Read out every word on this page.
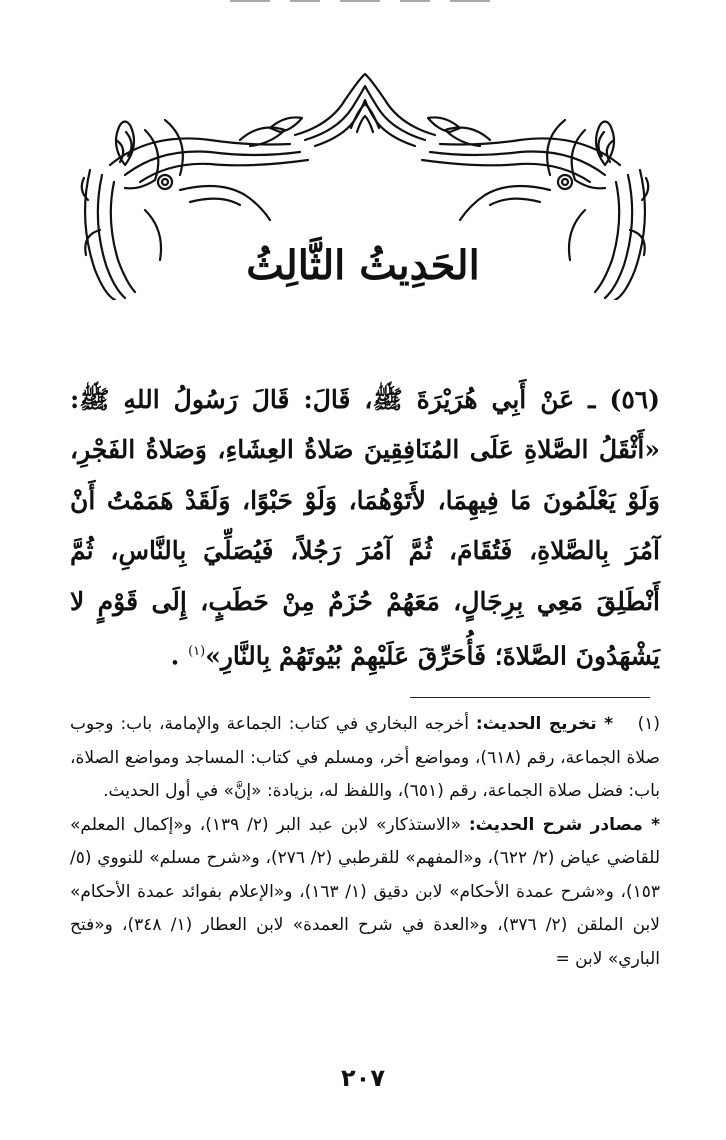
الحَدِيثُ الثَّالِثُ
(٥٦) ـ عَنْ أَبِي هُرَيْرَةَ ﷺ، قَالَ: قَالَ رَسُولُ اللهِ ﷺ: «أَثْقَلُ الصَّلاةِ عَلَى المُنَافِقِينَ صَلاةُ العِشَاءِ، وَصَلاةُ الفَجْرِ، وَلَوْ يَعْلَمُونَ مَا فِيهِمَا، لأَتَوْهُمَا، وَلَوْ حَبْوًا، وَلَقَدْ هَمَمْتُ أَنْ آمُرَ بِالصَّلاةِ، فَتُقَامَ، ثُمَّ آمُرَ رَجُلاً، فَيُصَلِّيَ بِالنَّاسِ، ثُمَّ أَنْطَلِقَ مَعِي بِرِجَالٍ، مَعَهُمْ حُزَمٌ مِنْ حَطَبٍ، إِلَى قَوْمٍ لا يَشْهَدُونَ الصَّلاةَ؛ فَأُحَرِّقَ عَلَيْهِمْ بُيُوتَهُمْ بِالنَّارِ»$^{(١)}$ .

(١) * تخريج الحديث: أخرجه البخاري في كتاب: الجماعة والإمامة، باب: وجوب صلاة الجماعة، رقم (٦١٨)، ومواضع أخر، ومسلم في كتاب: المساجد ومواضع الصلاة، باب: فضل صلاة الجماعة، رقم (٦٥١)، واللفظ له، بزيادة: «إنَّ» في أول الحديث.

* مصادر شرح الحديث: «الاستذكار» لابن عبد البر (٢/ ١٣٩)، و«إكمال المعلم» للقاضي عياض (٢/ ٦٢٢)، و«المفهم» للقرطبي (٢/ ٢٧٦)، و«شرح مسلم» للنووي (٥/ ١٥٣)، و«شرح عمدة الأحكام» لابن دقيق (١/ ١٦٣)، و«الإعلام بفوائد عمدة الأحكام» لابن الملقن (٢/ ٣٧٦)، و«العدة في شرح العمدة» لابن العطار (١/ ٣٤٨)، و«فتح الباري» لابن =

٢٠٧
